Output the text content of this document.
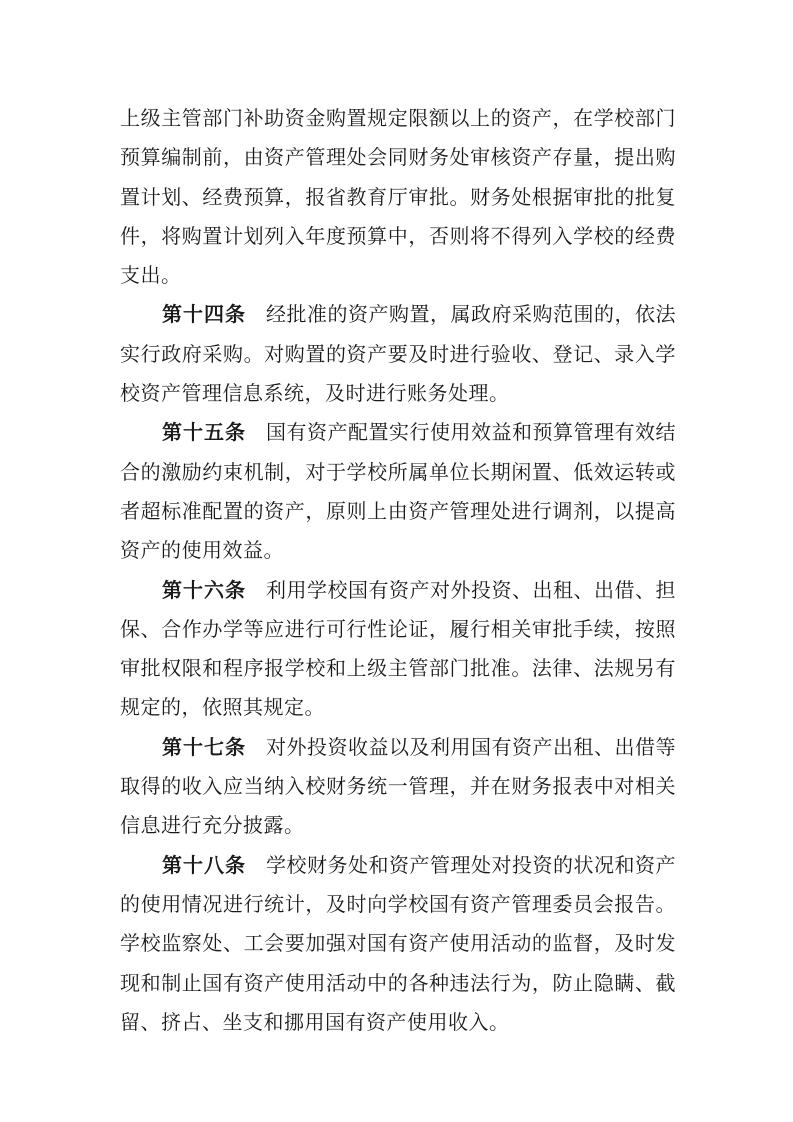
上级主管部门补助资金购置规定限额以上的资产，在学校部门预算编制前，由资产管理处会同财务处审核资产存量，提出购置计划、经费预算，报省教育厅审批。财务处根据审批的批复件，将购置计划列入年度预算中，否则将不得列入学校的经费支出。

第十四条 经批准的资产购置，属政府采购范围的，依法实行政府采购。对购置的资产要及时进行验收、登记、录入学校资产管理信息系统，及时进行账务处理。

第十五条 国有资产配置实行使用效益和预算管理有效结合的激励约束机制，对于学校所属单位长期闲置、低效运转或者超标准配置的资产，原则上由资产管理处进行调剂，以提高资产的使用效益。

第十六条 利用学校国有资产对外投资、出租、出借、担保、合作办学等应进行可行性论证，履行相关审批手续，按照审批权限和程序报学校和上级主管部门批准。法律、法规另有规定的，依照其规定。

第十七条 对外投资收益以及利用国有资产出租、出借等取得的收入应当纳入校财务统一管理，并在财务报表中对相关信息进行充分披露。

第十八条 学校财务处和资产管理处对投资的状况和资产的使用情况进行统计，及时向学校国有资产管理委员会报告。学校监察处、工会要加强对国有资产使用活动的监督，及时发现和制止国有资产使用活动中的各种违法行为，防止隐瞒、截留、挤占、坐支和挪用国有资产使用收入。
